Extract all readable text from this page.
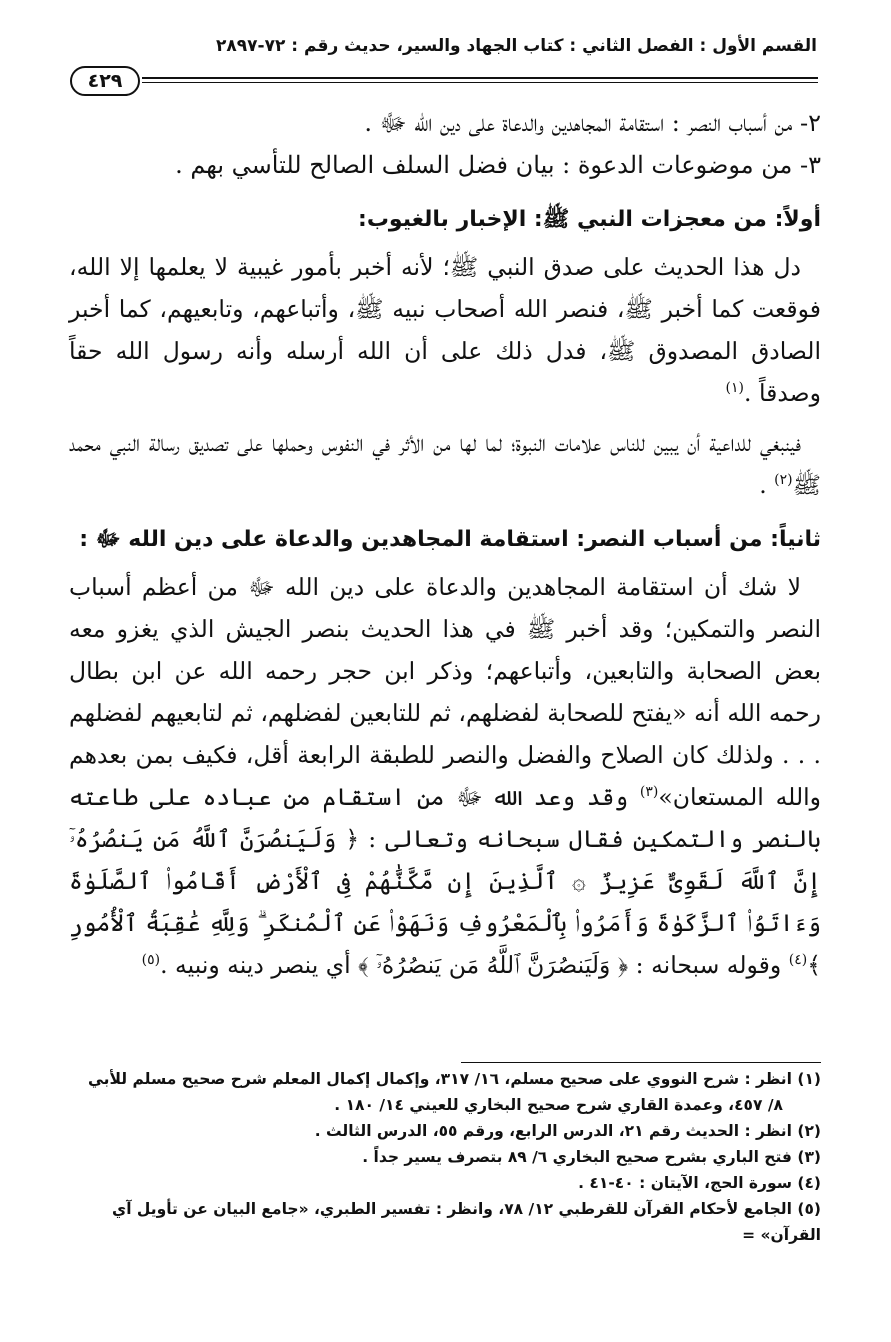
القسم الأول : الفصل الثاني : كتاب الجهاد والسير، حديث رقم : ٧٢-٢٨٩٧
٤٢٩

٢- من أسباب النصر : استقامة المجاهدين والدعاة على دين الله ﷻ .

٣- من موضوعات الدعوة : بيان فضل السلف الصالح للتأسي بهم .

أولاً: من معجزات النبي ﷺ: الإخبار بالغيوب:

دل هذا الحديث على صدق النبي ﷺ؛ لأنه أخبر بأمور غيبية لا يعلمها إلا الله، فوقعت كما أخبر ﷺ، فنصر الله أصحاب نبيه ﷺ، وأتباعهم، وتابعيهم، كما أخبر الصادق المصدوق ﷺ، فدل ذلك على أن الله أرسله وأنه رسول الله حقاً وصدقاً .$^{(١)}$

فينبغي للداعية أن يبين للناس علامات النبوة؛ لما لها من الأثر في النفوس وحملها على تصديق رسالة النبي محمد ﷺ$^{(٢)}$ .

ثانياً: من أسباب النصر: استقامة المجاهدين والدعاة على دين الله ﷻ :

لا شك أن استقامة المجاهدين والدعاة على دين الله ﷻ من أعظم أسباب النصر والتمكين؛ وقد أخبر ﷺ في هذا الحديث بنصر الجيش الذي يغزو معه بعض الصحابة والتابعين، وأتباعهم؛ وذكر ابن حجر رحمه الله عن ابن بطال رحمه الله أنه «يفتح للصحابة لفضلهم، ثم للتابعين لفضلهم، ثم لتابعيهم لفضلهم . . . ولذلك كان الصلاح والفضل والنصر للطبقة الرابعة أقل، فكيف بمن بعدهم والله المستعان»$^{(٣)}$ وقد وعد الله ﷻ من استقام من عباده على طاعته بالنصر والتمكين فقال سبحانه وتعالى : ﴿ وَلَيَنصُرَنَّ ٱللَّهُ مَن يَنصُرُهُۥٓ إِنَّ ٱللَّهَ لَقَوِىٌّ عَزِيزٌ ۞ ٱلَّذِينَ إِن مَّكَّنَّٰهُمْ فِى ٱلْأَرْضِ أَقَامُوا۟ ٱلصَّلَوٰةَ وَءَاتَوُا۟ ٱلزَّكَوٰةَ وَأَمَرُوا۟ بِٱلْمَعْرُوفِ وَنَهَوْا۟ عَنِ ٱلْمُنكَرِ ۗ وَلِلَّهِ عَٰقِبَةُ ٱلْأُمُورِ ﴾$^{(٤)}$ وقوله سبحانه : ﴿ وَلَيَنصُرَنَّ ٱللَّهُ مَن يَنصُرُهُۥٓ ﴾ أي ينصر دينه ونبيه .$^{(٥)}$

(١) انظر : شرح النووي على صحيح مسلم، ١٦/ ٣١٧، وإكمال إكمال المعلم شرح صحيح مسلم للأبي

٨/ ٤٥٧، وعمدة القاري شرح صحيح البخاري للعيني ١٤/ ١٨٠ .

(٢) انظر : الحديث رقم ٢١، الدرس الرابع، ورقم ٥٥، الدرس الثالث .

(٣) فتح الباري بشرح صحيح البخاري ٦/ ٨٩ بتصرف يسير جداً .

(٤) سورة الحج، الآيتان : ٤٠-٤١ .

(٥) الجامع لأحكام القرآن للقرطبي ١٢/ ٧٨، وانظر : تفسير الطبري، «جامع البيان عن تأويل آي القرآن» =
